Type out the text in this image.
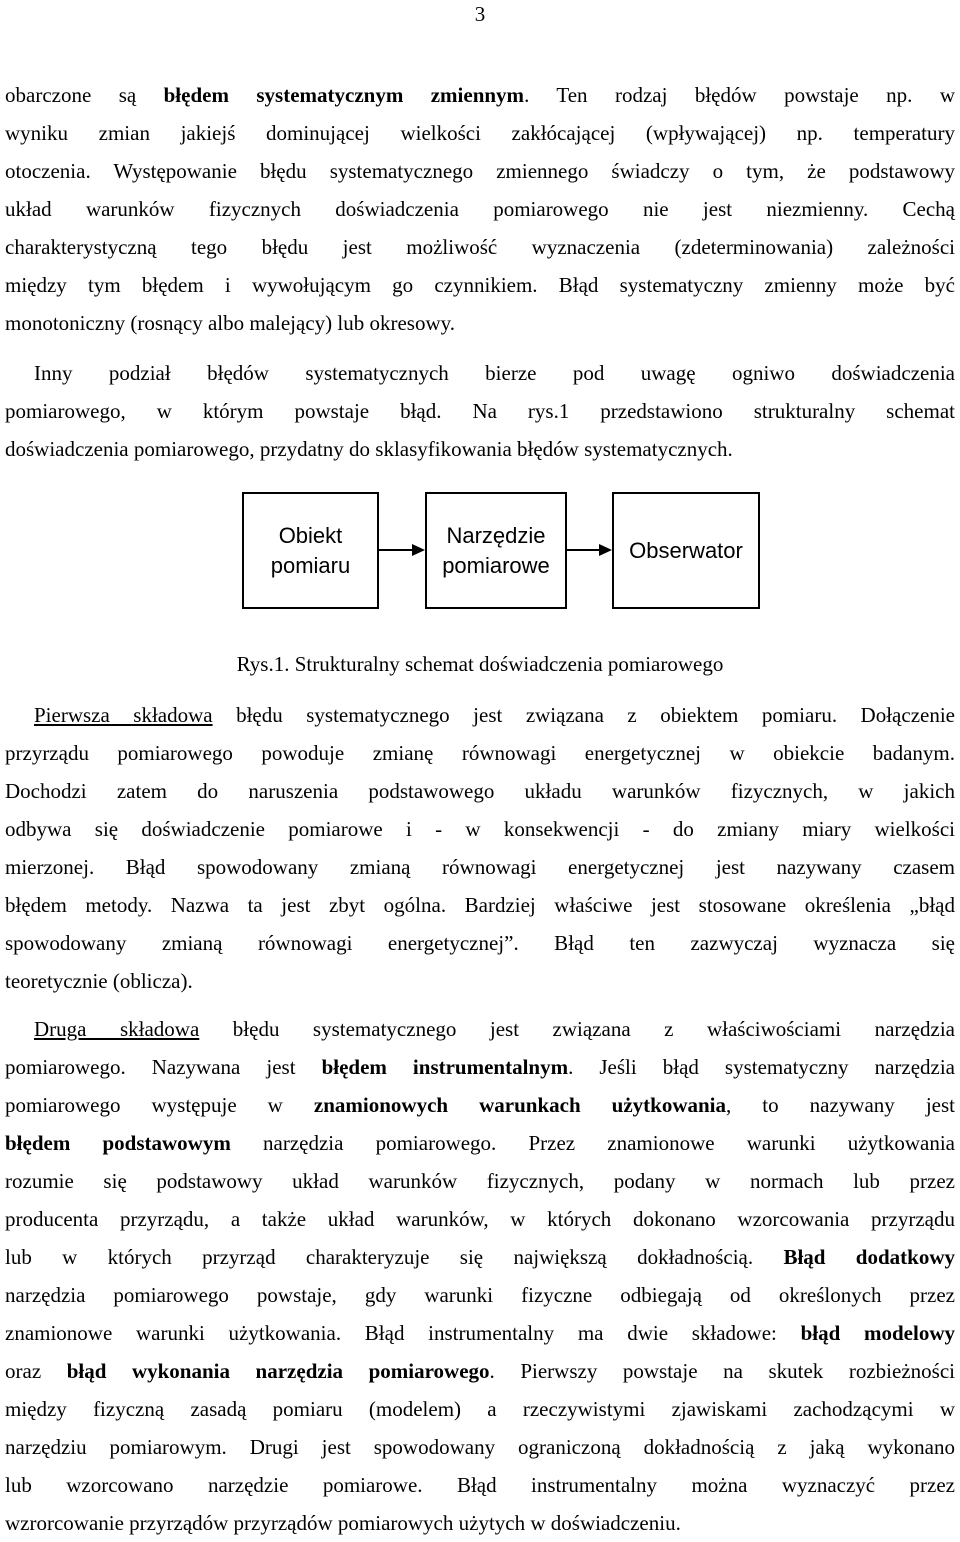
3
obarczone są błędem systematycznym zmiennym. Ten rodzaj błędów powstaje np. w
wyniku zmian jakiejś dominującej wielkości zakłócającej (wpływającej) np. temperatury
otoczenia. Występowanie błędu systematycznego zmiennego świadczy o tym, że podstawowy
układ warunków fizycznych doświadczenia pomiarowego nie jest niezmienny. Cechą
charakterystyczną tego błędu jest możliwość wyznaczenia (zdeterminowania) zależności
między tym błędem i wywołującym go czynnikiem. Błąd systematyczny zmienny może być
monotoniczny (rosnący albo malejący) lub okresowy.
Inny podział błędów systematycznych bierze pod uwagę ogniwo doświadczenia
pomiarowego, w którym powstaje błąd. Na rys.1 przedstawiono strukturalny schemat
doświadczenia pomiarowego, przydatny do sklasyfikowania błędów systematycznych.
Obiekt
pomiaru
Narzędzie
pomiarowe
Obserwator
Rys.1. Strukturalny schemat doświadczenia pomiarowego
Pierwsza składowa błędu systematycznego jest związana z obiektem pomiaru. Dołączenie
przyrządu pomiarowego powoduje zmianę równowagi energetycznej w obiekcie badanym.
Dochodzi zatem do naruszenia podstawowego układu warunków fizycznych, w jakich
odbywa się doświadczenie pomiarowe i - w konsekwencji - do zmiany miary wielkości
mierzonej. Błąd spowodowany zmianą równowagi energetycznej jest nazywany czasem
błędem metody. Nazwa ta jest zbyt ogólna. Bardziej właściwe jest stosowane określenia „błąd
spowodowany zmianą równowagi energetycznej”. Błąd ten zazwyczaj wyznacza się
teoretycznie (oblicza).
Druga składowa błędu systematycznego jest związana z właściwościami narzędzia
pomiarowego. Nazywana jest błędem instrumentalnym. Jeśli błąd systematyczny narzędzia
pomiarowego występuje w znamionowych warunkach użytkowania, to nazywany jest
błędem podstawowym narzędzia pomiarowego. Przez znamionowe warunki użytkowania
rozumie się podstawowy układ warunków fizycznych, podany w normach lub przez
producenta przyrządu, a także układ warunków, w których dokonano wzorcowania przyrządu
lub w których przyrząd charakteryzuje się największą dokładnością. Błąd dodatkowy
narzędzia pomiarowego powstaje, gdy warunki fizyczne odbiegają od określonych przez
znamionowe warunki użytkowania. Błąd instrumentalny ma dwie składowe: błąd modelowy
oraz błąd wykonania narzędzia pomiarowego. Pierwszy powstaje na skutek rozbieżności
między fizyczną zasadą pomiaru (modelem) a rzeczywistymi zjawiskami zachodzącymi w
narzędziu pomiarowym. Drugi jest spowodowany ograniczoną dokładnością z jaką wykonano
lub wzorcowano narzędzie pomiarowe. Błąd instrumentalny można wyznaczyć przez
wzrorcowanie przyrządów przyrządów pomiarowych użytych w doświadczeniu.
